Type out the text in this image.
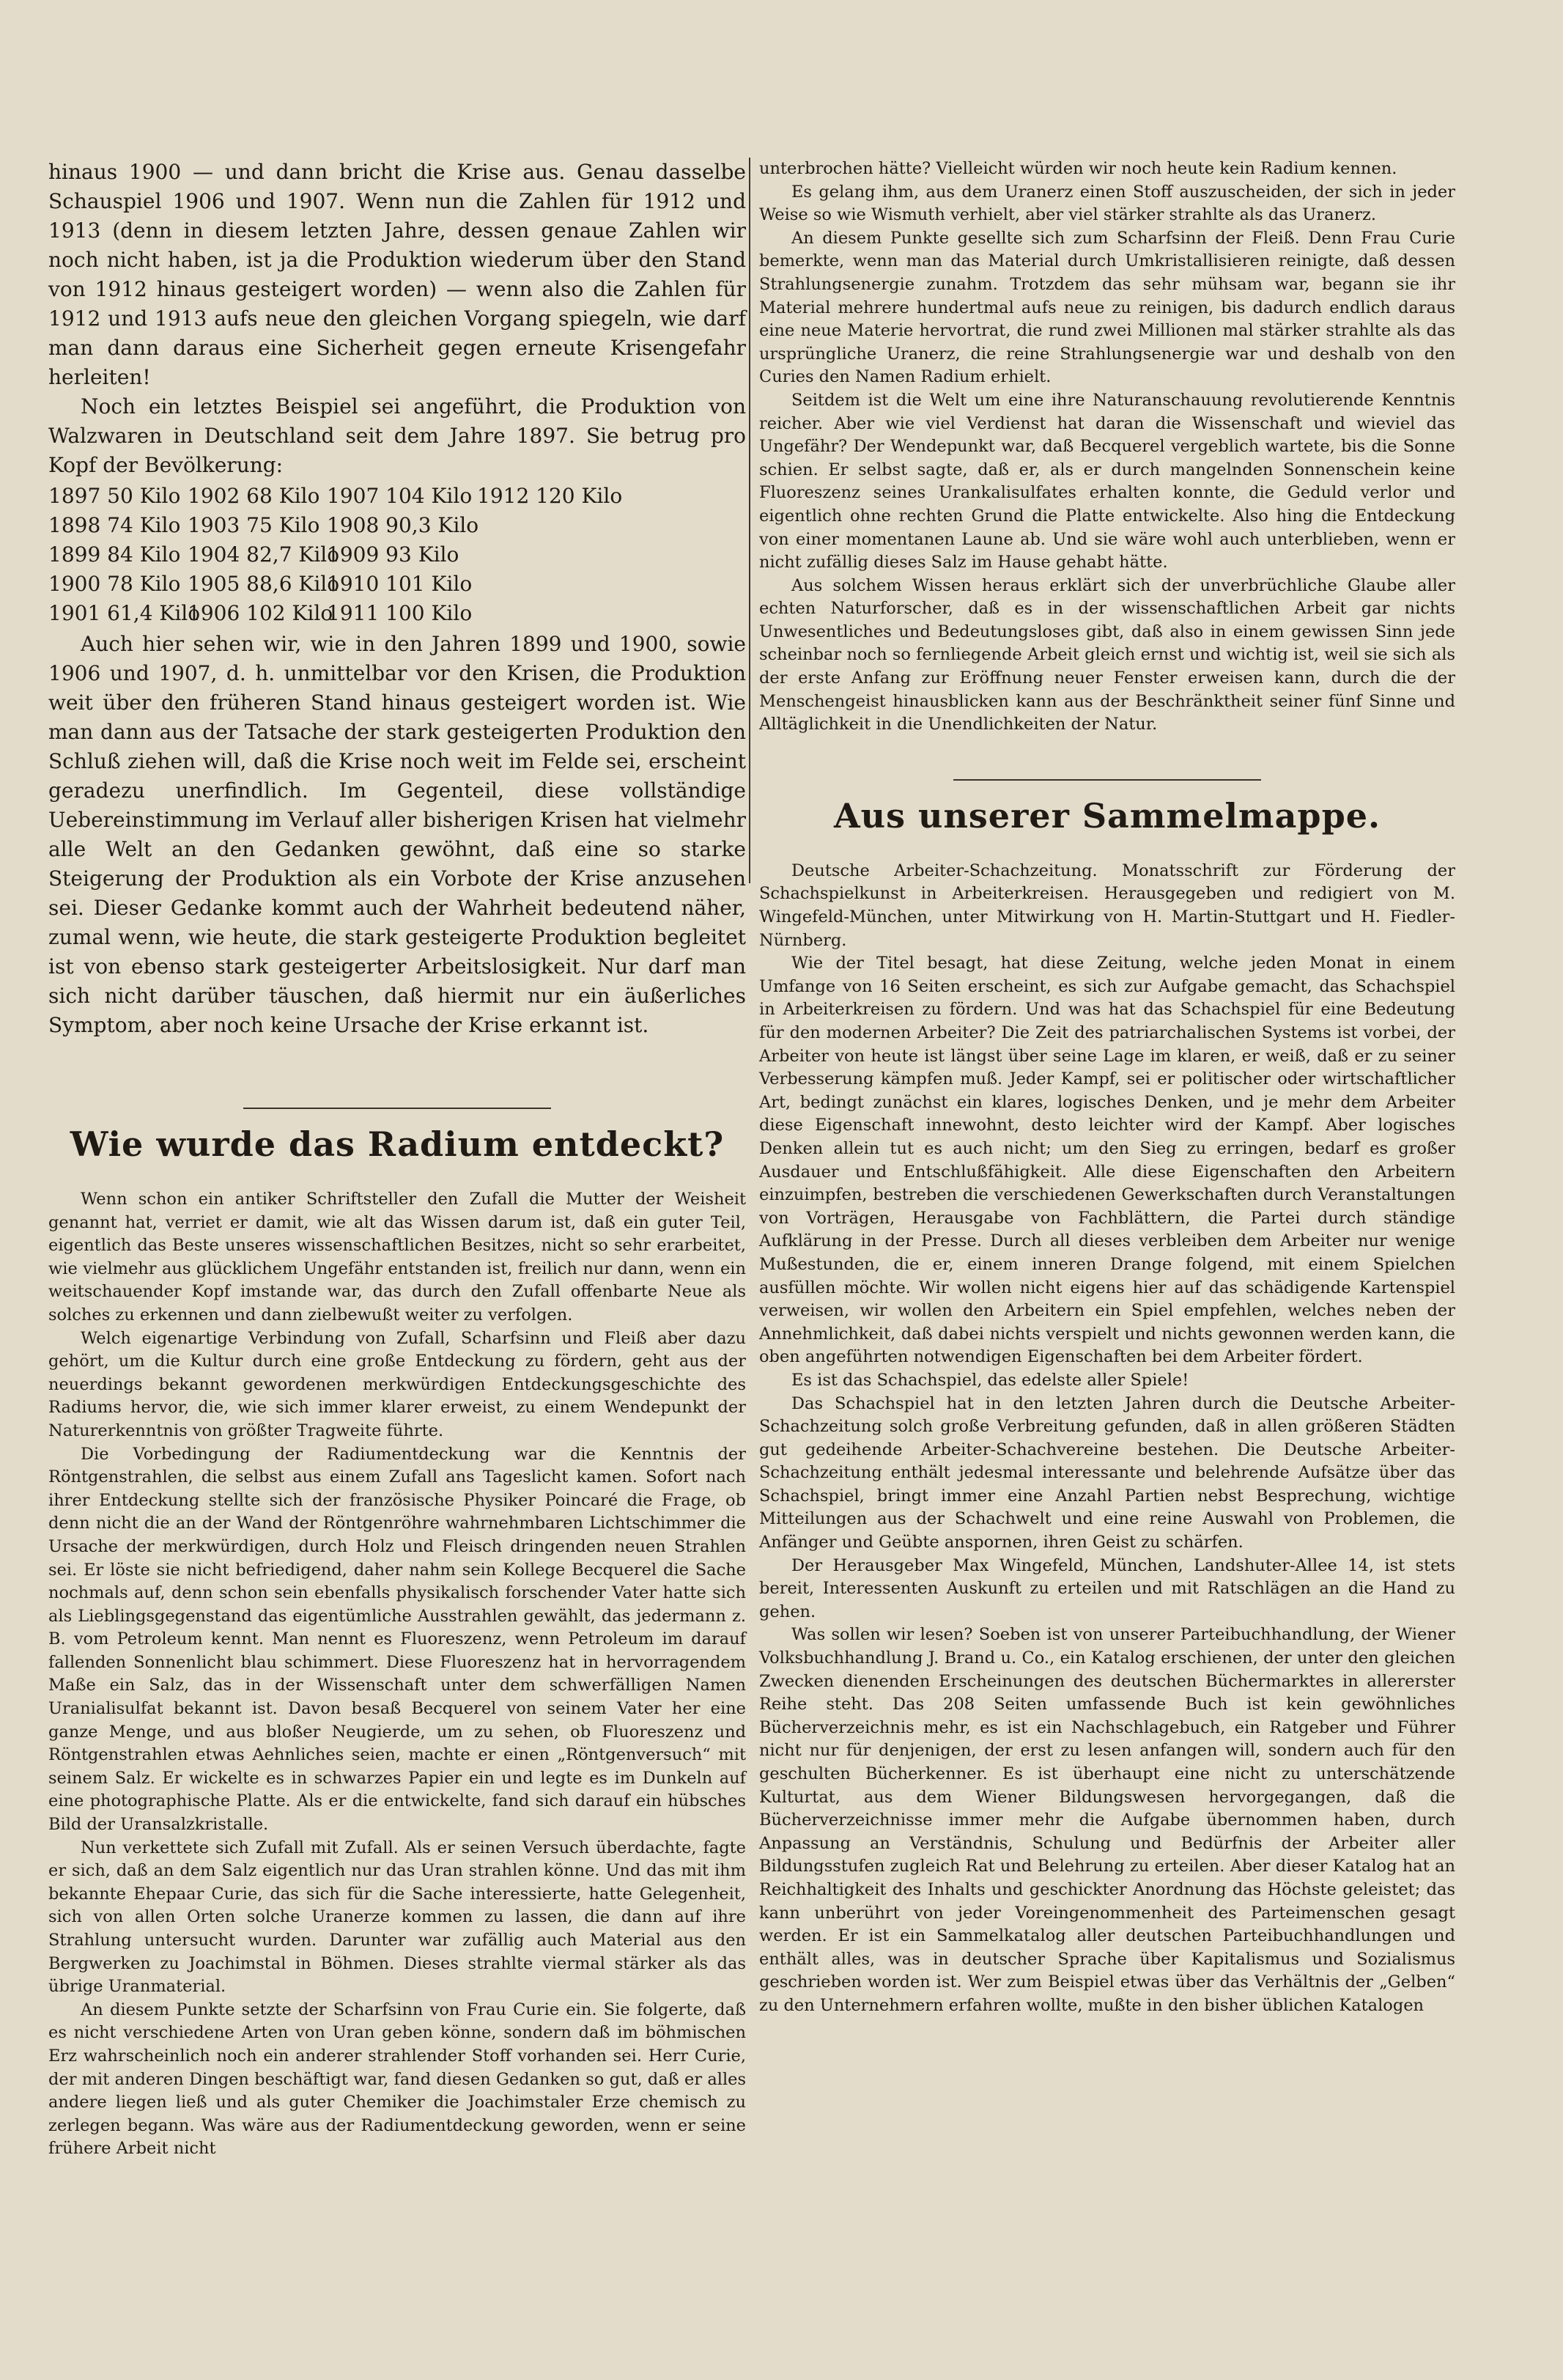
hinaus 1900 — und dann bricht die Krise aus. Genau dasselbe Schauspiel 1906 und 1907. Wenn nun die Zahlen für 1912 und 1913 (denn in diesem letzten Jahre, dessen genaue Zahlen wir noch nicht haben, ist ja die Produktion wiederum über den Stand von 1912 hinaus gesteigert worden) — wenn also die Zahlen für 1912 und 1913 aufs neue den gleichen Vorgang spiegeln, wie darf man dann daraus eine Sicherheit gegen erneute Krisengefahr herleiten!

Noch ein letztes Beispiel sei angeführt, die Produktion von Walzwaren in Deutschland seit dem Jahre 1897. Sie betrug pro Kopf der Bevölkerung:

1897 50 Kilo 1902 68 Kilo 1907 104 Kilo 1912 120 Kilo
1898 74 Kilo 1903 75 Kilo 1908 90,3 Kilo
1899 84 Kilo 1904 82,7 Kilo
1909 93 Kilo
1900 78 Kilo 1905 88,6 Kilo
1910 101 Kilo
1901 61,4 Kilo
1906 102 Kilo
1911 100 Kilo

Auch hier sehen wir, wie in den Jahren 1899 und 1900, sowie 1906 und 1907, d. h. unmittelbar vor den Krisen, die Produktion weit über den früheren Stand hinaus gesteigert worden ist. Wie man dann aus der Tatsache der stark gesteigerten Produktion den Schluß ziehen will, daß die Krise noch weit im Felde sei, erscheint geradezu unerfindlich. Im Gegenteil, diese vollständige Uebereinstimmung im Verlauf aller bisherigen Krisen hat vielmehr alle Welt an den Gedanken gewöhnt, daß eine so starke Steigerung der Produktion als ein Vorbote der Krise anzusehen sei. Dieser Gedanke kommt auch der Wahrheit bedeutend näher, zumal wenn, wie heute, die stark gesteigerte Produktion begleitet ist von ebenso stark gesteigerter Arbeitslosigkeit. Nur darf man sich nicht darüber täuschen, daß hiermit nur ein äußerliches Symptom, aber noch keine Ursache der Krise erkannt ist.

Wie wurde das Radium entdeckt?

Wenn schon ein antiker Schriftsteller den Zufall die Mutter der Weisheit genannt hat, verriet er damit, wie alt das Wissen darum ist, daß ein guter Teil, eigentlich das Beste unseres wissenschaftlichen Besitzes, nicht so sehr erarbeitet, wie vielmehr aus glücklichem Ungefähr entstanden ist, freilich nur dann, wenn ein weitschauender Kopf imstande war, das durch den Zufall offenbarte Neue als solches zu erkennen und dann zielbewußt weiter zu verfolgen.

Welch eigenartige Verbindung von Zufall, Scharfsinn und Fleiß aber dazu gehört, um die Kultur durch eine große Entdeckung zu fördern, geht aus der neuerdings bekannt gewordenen merkwürdigen Entdeckungsgeschichte des Radiums hervor, die, wie sich immer klarer erweist, zu einem Wendepunkt der Naturerkenntnis von größter Tragweite führte.

Die Vorbedingung der Radiumentdeckung war die Kenntnis der Röntgenstrahlen, die selbst aus einem Zufall ans Tageslicht kamen. Sofort nach ihrer Entdeckung stellte sich der französische Physiker Poincaré die Frage, ob denn nicht die an der Wand der Röntgenröhre wahrnehmbaren Lichtschimmer die Ursache der merkwürdigen, durch Holz und Fleisch dringenden neuen Strahlen sei. Er löste sie nicht befriedigend, daher nahm sein Kollege Becquerel die Sache nochmals auf, denn schon sein ebenfalls physikalisch forschender Vater hatte sich als Lieblingsgegenstand das eigentümliche Ausstrahlen gewählt, das jedermann z. B. vom Petroleum kennt. Man nennt es Fluoreszenz, wenn Petroleum im darauf fallenden Sonnenlicht blau schimmert. Diese Fluoreszenz hat in hervorragendem Maße ein Salz, das in der Wissenschaft unter dem schwerfälligen Namen Uranialisulfat bekannt ist. Davon besaß Becquerel von seinem Vater her eine ganze Menge, und aus bloßer Neugierde, um zu sehen, ob Fluoreszenz und Röntgenstrahlen etwas Aehnliches seien, machte er einen „Röntgenversuch“ mit seinem Salz. Er wickelte es in schwarzes Papier ein und legte es im Dunkeln auf eine photographische Platte. Als er die entwickelte, fand sich darauf ein hübsches Bild der Uransalzkristalle.

Nun verkettete sich Zufall mit Zufall. Als er seinen Versuch überdachte, fagte er sich, daß an dem Salz eigentlich nur das Uran strahlen könne. Und das mit ihm bekannte Ehepaar Curie, das sich für die Sache interessierte, hatte Gelegenheit, sich von allen Orten solche Uranerze kommen zu lassen, die dann auf ihre Strahlung untersucht wurden. Darunter war zufällig auch Material aus den Bergwerken zu Joachimstal in Böhmen. Dieses strahlte viermal stärker als das übrige Uranmaterial.

An diesem Punkte setzte der Scharfsinn von Frau Curie ein. Sie folgerte, daß es nicht verschiedene Arten von Uran geben könne, sondern daß im böhmischen Erz wahrscheinlich noch ein anderer strahlender Stoff vorhanden sei. Herr Curie, der mit anderen Dingen beschäftigt war, fand diesen Gedanken so gut, daß er alles andere liegen ließ und als guter Chemiker die Joachimstaler Erze chemisch zu zerlegen begann. Was wäre aus der Radiumentdeckung geworden, wenn er seine frühere Arbeit nicht

unterbrochen hätte? Vielleicht würden wir noch heute kein Radium kennen.

Es gelang ihm, aus dem Uranerz einen Stoff auszuscheiden, der sich in jeder Weise so wie Wismuth verhielt, aber viel stärker strahlte als das Uranerz.

An diesem Punkte gesellte sich zum Scharfsinn der Fleiß. Denn Frau Curie bemerkte, wenn man das Material durch Umkristallisieren reinigte, daß dessen Strahlungsenergie zunahm. Trotzdem das sehr mühsam war, begann sie ihr Material mehrere hundertmal aufs neue zu reinigen, bis dadurch endlich daraus eine neue Materie hervortrat, die rund zwei Millionen mal stärker strahlte als das ursprüngliche Uranerz, die reine Strahlungsenergie war und deshalb von den Curies den Namen Radium erhielt.

Seitdem ist die Welt um eine ihre Naturanschauung revolutierende Kenntnis reicher. Aber wie viel Verdienst hat daran die Wissenschaft und wieviel das Ungefähr? Der Wendepunkt war, daß Becquerel vergeblich wartete, bis die Sonne schien. Er selbst sagte, daß er, als er durch mangelnden Sonnenschein keine Fluoreszenz seines Urankalisulfates erhalten konnte, die Geduld verlor und eigentlich ohne rechten Grund die Platte entwickelte. Also hing die Entdeckung von einer momentanen Laune ab. Und sie wäre wohl auch unterblieben, wenn er nicht zufällig dieses Salz im Hause gehabt hätte.

Aus solchem Wissen heraus erklärt sich der unverbrüchliche Glaube aller echten Naturforscher, daß es in der wissenschaftlichen Arbeit gar nichts Unwesentliches und Bedeutungsloses gibt, daß also in einem gewissen Sinn jede scheinbar noch so fernliegende Arbeit gleich ernst und wichtig ist, weil sie sich als der erste Anfang zur Eröffnung neuer Fenster erweisen kann, durch die der Menschengeist hinausblicken kann aus der Beschränktheit seiner fünf Sinne und Alltäglichkeit in die Unendlichkeiten der Natur.

Aus unserer Sammelmappe.

Deutsche Arbeiter-Schachzeitung. Monatsschrift zur Förderung der Schachspielkunst in Arbeiterkreisen. Herausgegeben und redigiert von M. Wingefeld-München, unter Mitwirkung von H. Martin-Stuttgart und H. Fiedler-Nürnberg.

Wie der Titel besagt, hat diese Zeitung, welche jeden Monat in einem Umfange von 16 Seiten erscheint, es sich zur Aufgabe gemacht, das Schachspiel in Arbeiterkreisen zu fördern. Und was hat das Schachspiel für eine Bedeutung für den modernen Arbeiter? Die Zeit des patriarchalischen Systems ist vorbei, der Arbeiter von heute ist längst über seine Lage im klaren, er weiß, daß er zu seiner Verbesserung kämpfen muß. Jeder Kampf, sei er politischer oder wirtschaftlicher Art, bedingt zunächst ein klares, logisches Denken, und je mehr dem Arbeiter diese Eigenschaft innewohnt, desto leichter wird der Kampf. Aber logisches Denken allein tut es auch nicht; um den Sieg zu erringen, bedarf es großer Ausdauer und Entschlußfähigkeit. Alle diese Eigenschaften den Arbeitern einzuimpfen, bestreben die verschiedenen Gewerkschaften durch Veranstaltungen von Vorträgen, Herausgabe von Fachblättern, die Partei durch ständige Aufklärung in der Presse. Durch all dieses verbleiben dem Arbeiter nur wenige Mußestunden, die er, einem inneren Drange folgend, mit einem Spielchen ausfüllen möchte. Wir wollen nicht eigens hier auf das schädigende Kartenspiel verweisen, wir wollen den Arbeitern ein Spiel empfehlen, welches neben der Annehmlichkeit, daß dabei nichts verspielt und nichts gewonnen werden kann, die oben angeführten notwendigen Eigenschaften bei dem Arbeiter fördert.

Es ist das Schachspiel, das edelste aller Spiele!

Das Schachspiel hat in den letzten Jahren durch die Deutsche Arbeiter-Schachzeitung solch große Verbreitung gefunden, daß in allen größeren Städten gut gedeihende Arbeiter-Schachvereine bestehen. Die Deutsche Arbeiter-Schachzeitung enthält jedesmal interessante und belehrende Aufsätze über das Schachspiel, bringt immer eine Anzahl Partien nebst Besprechung, wichtige Mitteilungen aus der Schachwelt und eine reine Auswahl von Problemen, die Anfänger und Geübte anspornen, ihren Geist zu schärfen.

Der Herausgeber Max Wingefeld, München, Landshuter-Allee 14, ist stets bereit, Interessenten Auskunft zu erteilen und mit Ratschlägen an die Hand zu gehen.

Was sollen wir lesen? Soeben ist von unserer Parteibuchhandlung, der Wiener Volksbuchhandlung J. Brand u. Co., ein Katalog erschienen, der unter den gleichen Zwecken dienenden Erscheinungen des deutschen Büchermarktes in allererster Reihe steht. Das 208 Seiten umfassende Buch ist kein gewöhnliches Bücherverzeichnis mehr, es ist ein Nachschlagebuch, ein Ratgeber und Führer nicht nur für denjenigen, der erst zu lesen anfangen will, sondern auch für den geschulten Bücherkenner. Es ist überhaupt eine nicht zu unterschätzende Kulturtat, aus dem Wiener Bildungswesen hervorgegangen, daß die Bücherverzeichnisse immer mehr die Aufgabe übernommen haben, durch Anpassung an Verständnis, Schulung und Bedürfnis der Arbeiter aller Bildungsstufen zugleich Rat und Belehrung zu erteilen. Aber dieser Katalog hat an Reichhaltigkeit des Inhalts und geschickter Anordnung das Höchste geleistet; das kann unberührt von jeder Voreingenommenheit des Parteimenschen gesagt werden. Er ist ein Sammelkatalog aller deutschen Parteibuchhandlungen und enthält alles, was in deutscher Sprache über Kapitalismus und Sozialismus geschrieben worden ist. Wer zum Beispiel etwas über das Verhältnis der „Gelben“ zu den Unternehmern erfahren wollte, mußte in den bisher üblichen Katalogen
